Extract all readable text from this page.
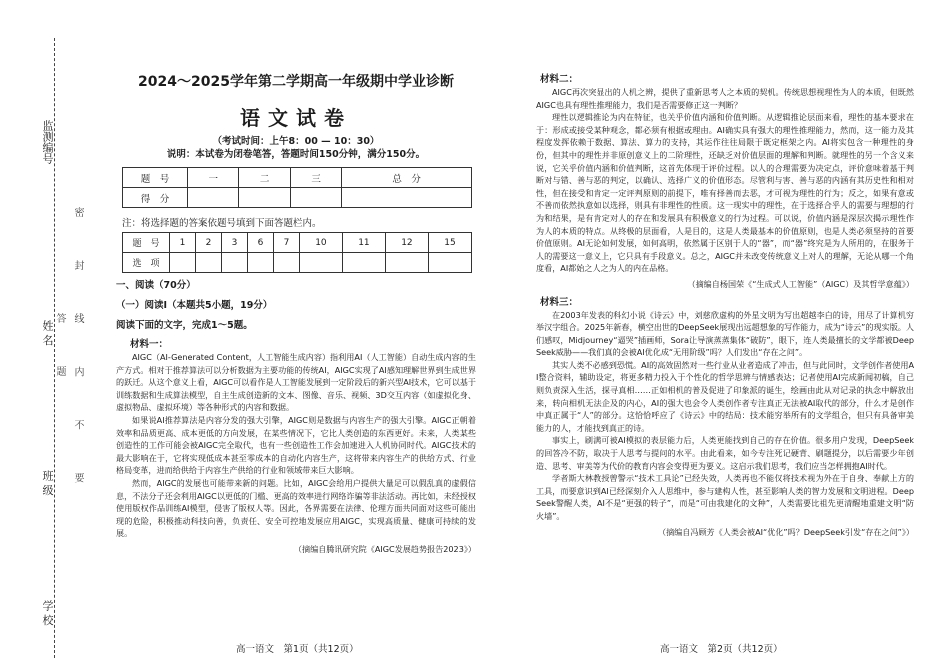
学 校
班 级
姓 名
监测编号
密 封 线 内 不 要 答 题

2024～2025学年第二学期高一年级期中学业诊断

语文试卷

（考试时间：上午8：00 — 10：30）
说明：本试卷为闭卷笔答，答题时间150分钟，满分150分。
题　号	一	二	三	总　分
得　分				
注：将选择题的答案依题号填到下面答题栏内。
题　号	1	2	3	6	7	10	11	12	15
选　项									
一、阅读（70分）
（一）阅读Ⅰ（本题共5小题，19分）
阅读下面的文字，完成1～5题。
材料一：

AIGC（AI-Generated Content，人工智能生成内容）指利用AI（人工智能）自动生成内容的生产方式。相对于推荐算法可以分析数据为主要功能的传统AI，AIGC实现了AI感知理解世界到生成世界的跃迁。从这个意义上看，AIGC可以看作是人工智能发展到一定阶段后的新兴型AI技术，它可以基于训练数据和生成算法模型，自主生成创造新的文本、图像、音乐、视频、3D交互内容（如虚拟化身、虚拟物品、虚拟环境）等各种形式的内容和数据。

如果说AI推荐算法是内容分发的强大引擎，AIGC则是数据与内容生产的强大引擎。AIGC正朝着效率和品质更高、成本更低的方向发展，在某些情况下，它比人类创造的东西更好。未来，人类某些创造性的工作可能会被AIGC完全取代，也有一些创造性工作会加速进入人机协同时代。AIGC技术的最大影响在于，它将实现低成本甚至零成本的自动化内容生产，这将带来内容生产的供给方式、行业格局变革，进而给供给于内容生产供给的行业和领域带来巨大影响。

然而，AIGC的发展也可能带来新的问题。比如，AIGC会给用户提供大量足可以假乱真的虚假信息，不法分子还会利用AIGC以更低的门槛、更高的效率进行网络诈骗等非法活动。再比如，未经授权使用版权作品训练AI模型，侵害了版权人等。因此，各界需要在法律、伦理方面共同面对这些可能出现的危险，积极推动科技向善，负责任、安全可控地发展应用AIGC，实现高质量、健康可持续的发展。

（摘编自腾讯研究院《AIGC发展趋势报告2023》）
高一语文　第1页（共12页）
材料二：

AIGC再次突显出的人机之辨，提供了重新思考人之本质的契机。传统思想视理性为人的本质，但既然AIGC也具有理性推理能力，我们是否需要修正这一判断？

理性以逻辑推论为内在特征，也关乎价值内涵和价值判断。从逻辑推论层面来看，理性的基本要求在于：形成或接受某种观念，都必须有根据或理由。AI确实具有强大的理性推理能力，然而，这一能力及其程度发挥依赖于数据、算法、算力的支持，其运作往往局限于既定框架之内。AI将实包含一种理性的身份，但其中的理性并非原创意义上的二阶理性，还缺乏对价值层面的理解和判断。就理性的另一个含义来说，它关乎价值内涵和价值判断，这首先体现于评价过程。以人的合理需要为决定点，评价意味着基于判断对与错、善与恶的判定，以确认、选择广义的价值形态。尽管利与害、善与恶的内涵有其历史性和相对性，但在接受和肯定一定评判原则的前提下，唯有择善而去恶，才可视为理性的行为；反之，如果有意或不善而依然执意如以选择，则具有非理性的性质。这一现实中的理性，在于选择合乎人的需要与理想的行为和结果，是有肯定对人的存在和发展具有积极意义的行为过程。可以说，价值内涵是深层次揭示理性作为人的本质的特点。从终极的层面看，人是目的，这是人类最基本的价值原则，也是人类必须坚持的首要价值原则。AI无论如何发展，如何高明，依然属于区别于人的“器”，而“器”终究是为人所用的，在服务于人的需要这一意义上，它只具有手段意义。总之，AIGC并未改变传统意义上对人的理解，无论从哪一个角度看，AI都始之人之为人的内在品格。

（摘编自杨国荣《“生成式人工智能”（AIGC）及其哲学意蕴》）
材料三：

在2003年发表的科幻小说《诗云》中，刘慈欣虚构的外星文明为写出超越李白的诗，用尽了计算机穷举汉字组合。2025年新春，横空出世的DeepSeek展现出远超想象的写作能力，成为“诗云”的现实版。人们感叹，Midjourney“逼哭”插画师，Sora让导演蒸蒸集体“破防”，眼下，连人类最擅长的文学都被DeepSeek威胁——我们真的会被AI优化成“无用阶级”吗？人们发出“存在之问”。

其实人类不必感到恐慌。AI的高效固然对一些行业从业者造成了冲击，但与此同时，文学创作者使用AI整合资料，辅助设定，将更多精力投入于个性化的哲学思辨与情感表达；记者使用AI完成新闻初稿，自己则负责深入生活，探寻真相……正如相机的普及促进了印象派的诞生，绘画由此从对记录的执念中解放出来，转向相机无法企及的内心，AI的强大也会令人类创作者专注真正无法被AI取代的部分，什么才是创作中真正属于“人”的部分。这恰恰呼应了《诗云》中的结局：技术能穷举所有的文学组合，但只有具备审美能力的人，才能找到真正的诗。

事实上，刷满可被AI模拟的表层能力后，人类更能找到自己的存在价值。很多用户发现，DeepSeek的回答冷不防，取决于人思考与提问的水平。由此看来，如今专注死记硬背、刷题提分，以后需要少年创造、思考、审美等为代价的教育内容会变得更为要义。这启示我们思考，我们应当怎样拥抱AI时代。

学者斯大林教授曾警示“技术工具论”已经失效，人类再也不能仅将技术视为外在于自身、奉献上方的工具，而要意识到AI已经深刻介入人思维中，参与建构人性，甚至影响人类的智力发展和文明进程。DeepSeek警醒人类，AI不是“更强的转子”，而是“可由我建化的文种”，人类需要比祖先更清醒地重建文明“防火墙”。

（摘编自冯顾芳《人类会被AI“优化”吗？DeepSeek引发“存在之问”》）
高一语文　第2页（共12页）
